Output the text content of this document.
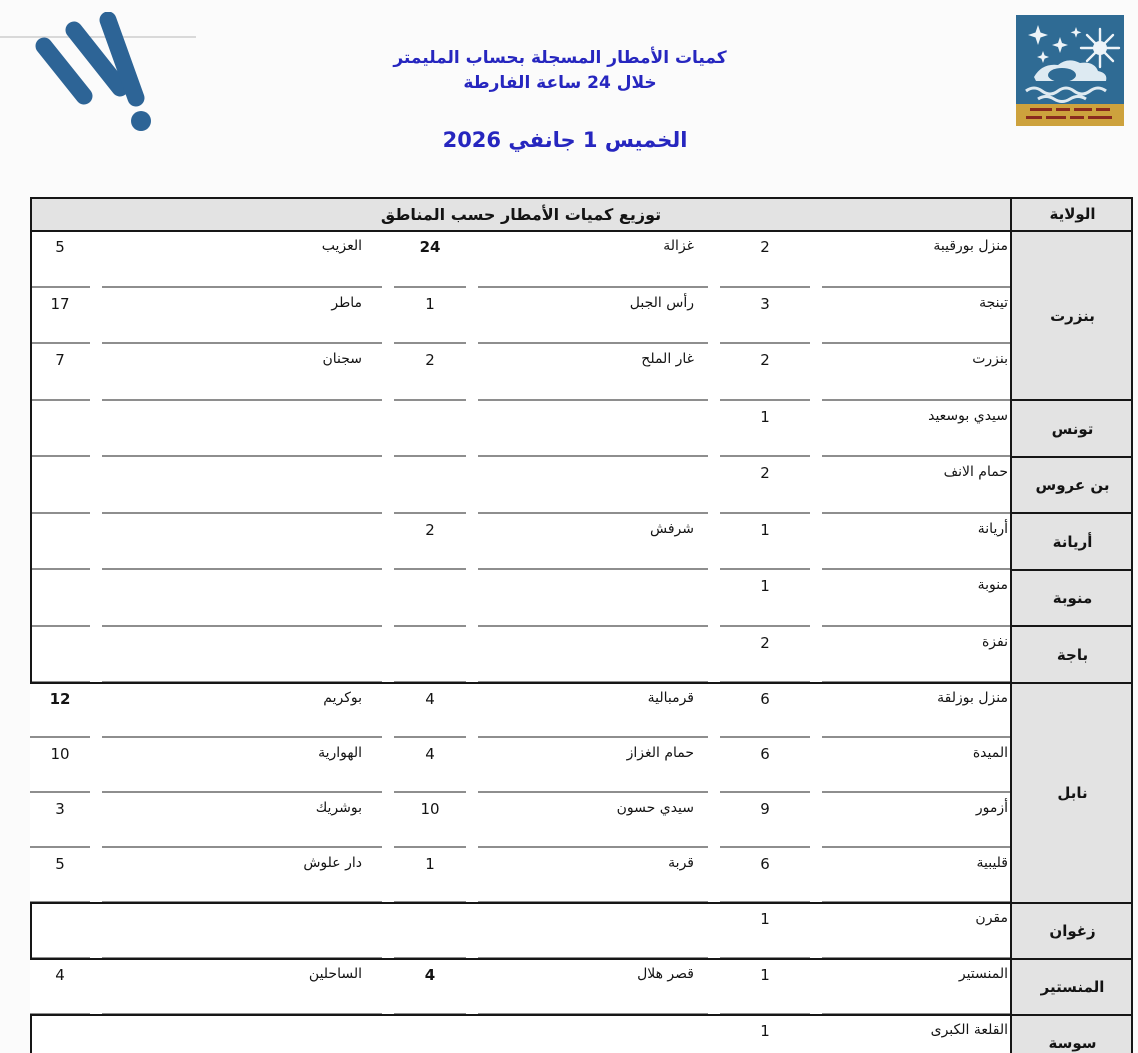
كميات الأمطار المسجلة بحساب المليمتر
خلال 24 ساعة الفارطة
الخميس 1 جانفي 2026
الولاية
توزيع كميات الأمطار حسب المناطق
بنزرت
منزل بورقيبة
2
غزالة
24
العزيب
5
تينجة
3
رأس الجبل
1
ماطر
17
بنزرت
2
غار الملح
2
سجنان
7
تونس
سيدي بوسعيد
1
بن عروس
حمام الانف
2
أريانة
أريانة
1
شرفش
2
منوبة
منوبة
1
باجة
نفزة
2
نابل
منزل بوزلقة
6
قرمبالية
4
بوكريم
12
الميدة
6
حمام الغزاز
4
الهوارية
10
أزمور
9
سيدي حسون
10
بوشريك
3
قليبية
6
قربة
1
دار علوش
5
زغوان
مقرن
1
المنستير
المنستير
1
قصر هلال
4
الساحلين
4
سوسة
القلعة الكبرى
1
